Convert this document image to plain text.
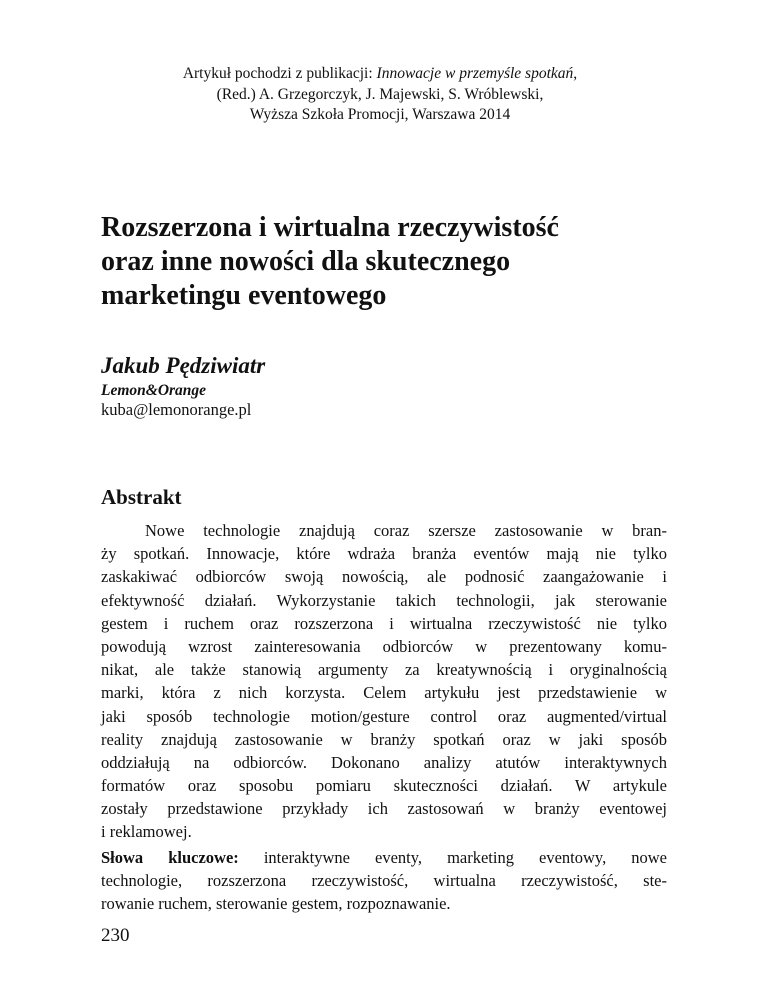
Artykuł pochodzi z publikacji: Innowacje w przemyśle spotkań,
(Red.) A. Grzegorczyk, J. Majewski, S. Wróblewski,
Wyższa Szkoła Promocji, Warszawa 2014
Rozszerzona i wirtualna rzeczywistość
oraz inne nowości dla skutecznego
marketingu eventowego
Jakub Pędziwiatr
Lemon&Orange
kuba@lemonorange.pl
Abstrakt
Nowe technologie znajdują coraz szersze zastosowanie w bran-
ży spotkań. Innowacje, które wdraża branża eventów mają nie tylko
zaskakiwać odbiorców swoją nowością, ale podnosić zaangażowanie i
efektywność działań. Wykorzystanie takich technologii, jak sterowanie
gestem i ruchem oraz rozszerzona i wirtualna rzeczywistość nie tylko
powodują wzrost zainteresowania odbiorców w prezentowany komu-
nikat, ale także stanowią argumenty za kreatywnością i oryginalnością
marki, która z nich korzysta. Celem artykułu jest przedstawienie w
jaki sposób technologie motion/gesture control oraz augmented/virtual
reality znajdują zastosowanie w branży spotkań oraz w jaki sposób
oddziałują na odbiorców. Dokonano analizy atutów interaktywnych
formatów oraz sposobu pomiaru skuteczności działań. W artykule
zostały przedstawione przykłady ich zastosowań w branży eventowej
i reklamowej.
Słowa kluczowe: interaktywne eventy, marketing eventowy, nowe
technologie, rozszerzona rzeczywistość, wirtualna rzeczywistość, ste-
rowanie ruchem, sterowanie gestem, rozpoznawanie.
230
